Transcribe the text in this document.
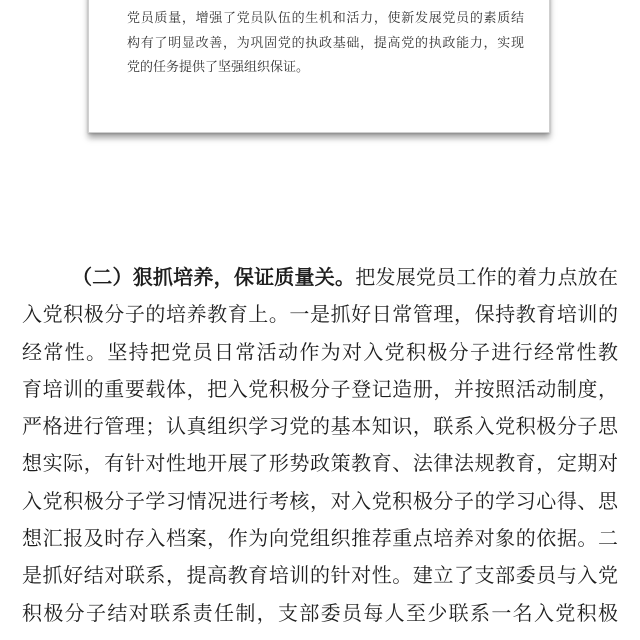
党员质量，增强了党员队伍的生机和活力，使新发展党员的素质结
构有了明显改善，为巩固党的执政基础，提高党的执政能力，实现
党的任务提供了坚强组织保证。
（二）狠抓培养，保证质量关。把发展党员工作的着力点放在
入党积极分子的培养教育上。一是抓好日常管理，保持教育培训的
经常性。坚持把党员日常活动作为对入党积极分子进行经常性教
育培训的重要载体，把入党积极分子登记造册，并按照活动制度，
严格进行管理；认真组织学习党的基本知识，联系入党积极分子思
想实际，有针对性地开展了形势政策教育、法律法规教育，定期对
入党积极分子学习情况进行考核，对入党积极分子的学习心得、思
想汇报及时存入档案，作为向党组织推荐重点培养对象的依据。二
是抓好结对联系，提高教育培训的针对性。建立了支部委员与入党
积极分子结对联系责任制，支部委员每人至少联系一名入党积极
